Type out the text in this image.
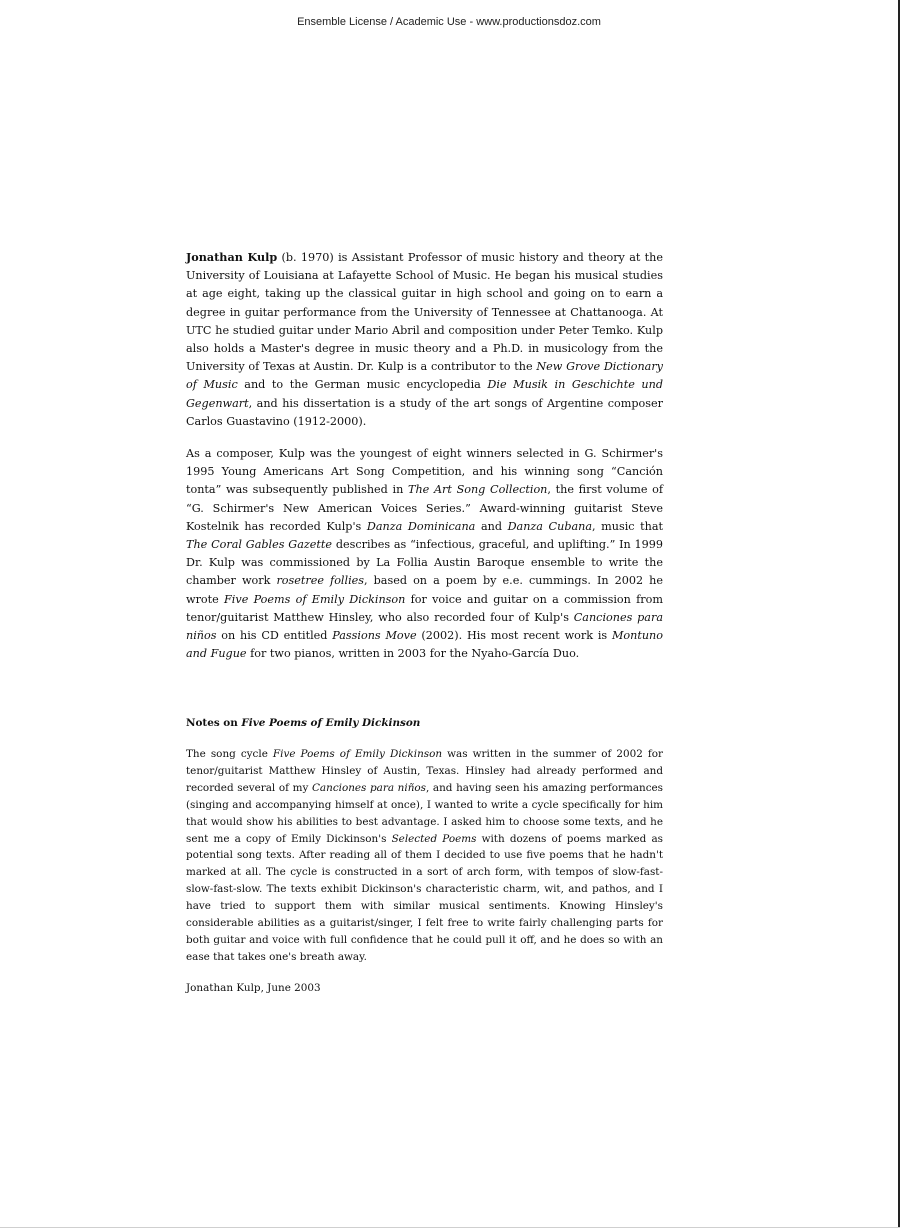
Ensemble License / Academic Use - www.productionsdoz.com

Jonathan Kulp (b. 1970) is Assistant Professor of music history and theory at the University of Louisiana at Lafayette School of Music. He began his musical studies at age eight, taking up the classical guitar in high school and going on to earn a degree in guitar performance from the University of Tennessee at Chattanooga. At UTC he studied guitar under Mario Abril and composition under Peter Temko. Kulp also holds a Master's degree in music theory and a Ph.D. in musicology from the University of Texas at Austin. Dr. Kulp is a contributor to the New Grove Dictionary of Music and to the German music encyclopedia Die Musik in Geschichte und Gegenwart, and his dissertation is a study of the art songs of Argentine composer Carlos Guastavino (1912-2000).

As a composer, Kulp was the youngest of eight winners selected in G. Schirmer's 1995 Young Americans Art Song Competition, and his winning song “Canción tonta” was subsequently published in The Art Song Collection, the first volume of “G. Schirmer's New American Voices Series.” Award-winning guitarist Steve Kostelnik has recorded Kulp's Danza Dominicana and Danza Cubana, music that The Coral Gables Gazette describes as “infectious, graceful, and uplifting.” In 1999 Dr. Kulp was commissioned by La Follia Austin Baroque ensemble to write the chamber work rosetree follies, based on a poem by e.e. cummings. In 2002 he wrote Five Poems of Emily Dickinson for voice and guitar on a commission from tenor/guitarist Matthew Hinsley, who also recorded four of Kulp's Canciones para niños on his CD entitled Passions Move (2002). His most recent work is Montuno and Fugue for two pianos, written in 2003 for the Nyaho-García Duo.

Notes on Five Poems of Emily Dickinson

The song cycle Five Poems of Emily Dickinson was written in the summer of 2002 for tenor/guitarist Matthew Hinsley of Austin, Texas. Hinsley had already performed and recorded several of my Canciones para niños, and having seen his amazing performances (singing and accompanying himself at once), I wanted to write a cycle specifically for him that would show his abilities to best advantage. I asked him to choose some texts, and he sent me a copy of Emily Dickinson's Selected Poems with dozens of poems marked as potential song texts. After reading all of them I decided to use five poems that he hadn't marked at all. The cycle is constructed in a sort of arch form, with tempos of slow-fast-slow-fast-slow. The texts exhibit Dickinson's characteristic charm, wit, and pathos, and I have tried to support them with similar musical sentiments. Knowing Hinsley's considerable abilities as a guitarist/singer, I felt free to write fairly challenging parts for both guitar and voice with full confidence that he could pull it off, and he does so with an ease that takes one's breath away.

Jonathan Kulp, June 2003
